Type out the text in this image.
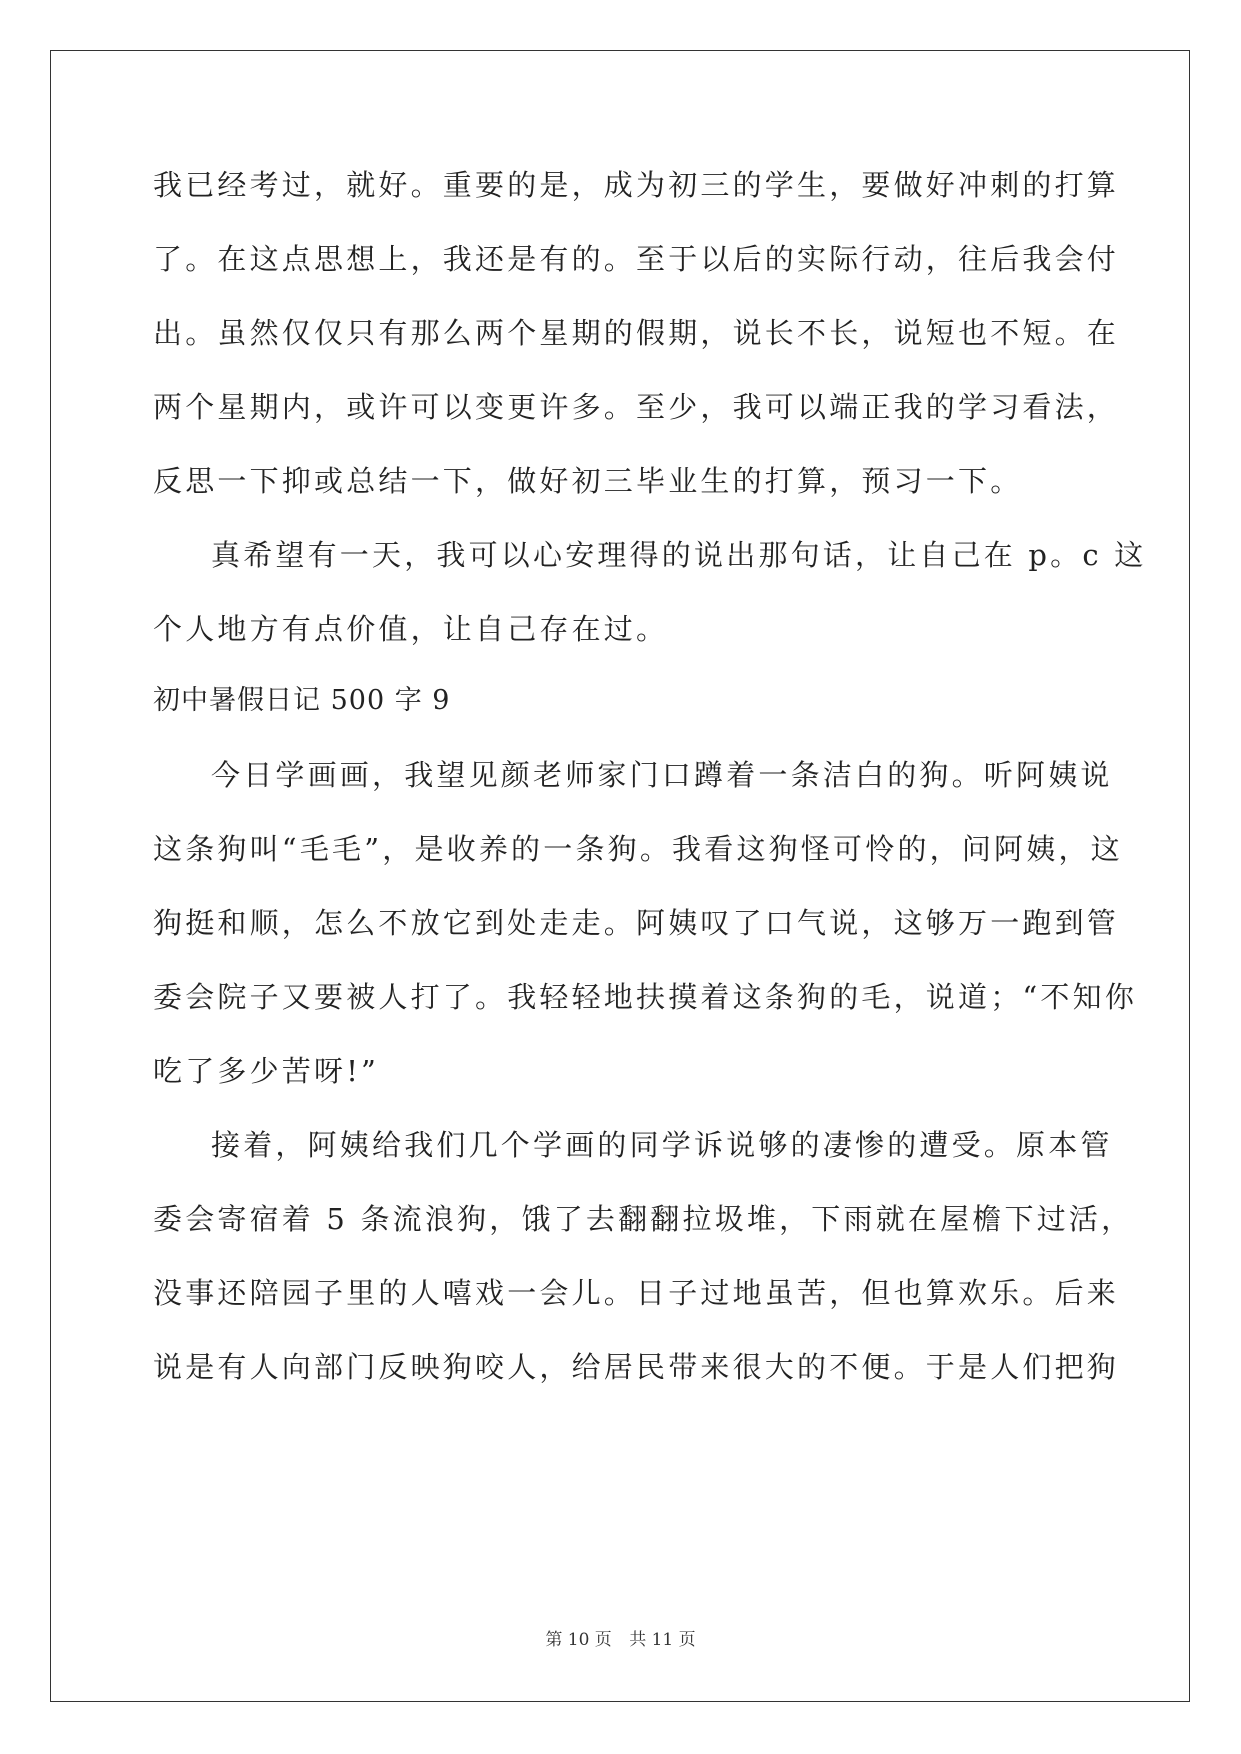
我已经考过，就好。重要的是，成为初三的学生，要做好冲刺的打算
了。在这点思想上，我还是有的。至于以后的实际行动，往后我会付
出。虽然仅仅只有那么两个星期的假期，说长不长，说短也不短。在
两个星期内，或许可以变更许多。至少，我可以端正我的学习看法，
反思一下抑或总结一下，做好初三毕业生的打算，预习一下。
真希望有一天，我可以心安理得的说出那句话，让自己在 p。c 这
个人地方有点价值，让自己存在过。
初中暑假日记 500 字 9
今日学画画，我望见颜老师家门口蹲着一条洁白的狗。听阿姨说
这条狗叫“毛毛”，是收养的一条狗。我看这狗怪可怜的，问阿姨，这
狗挺和顺，怎么不放它到处走走。阿姨叹了口气说，这够万一跑到管
委会院子又要被人打了。我轻轻地扶摸着这条狗的毛，说道；“不知你
吃了多少苦呀!”
接着，阿姨给我们几个学画的同学诉说够的凄惨的遭受。原本管
委会寄宿着 5 条流浪狗，饿了去翻翻拉圾堆，下雨就在屋檐下过活，
没事还陪园子里的人嘻戏一会儿。日子过地虽苦，但也算欢乐。后来
说是有人向部门反映狗咬人，给居民带来很大的不便。于是人们把狗
第 10 页 共 11 页
